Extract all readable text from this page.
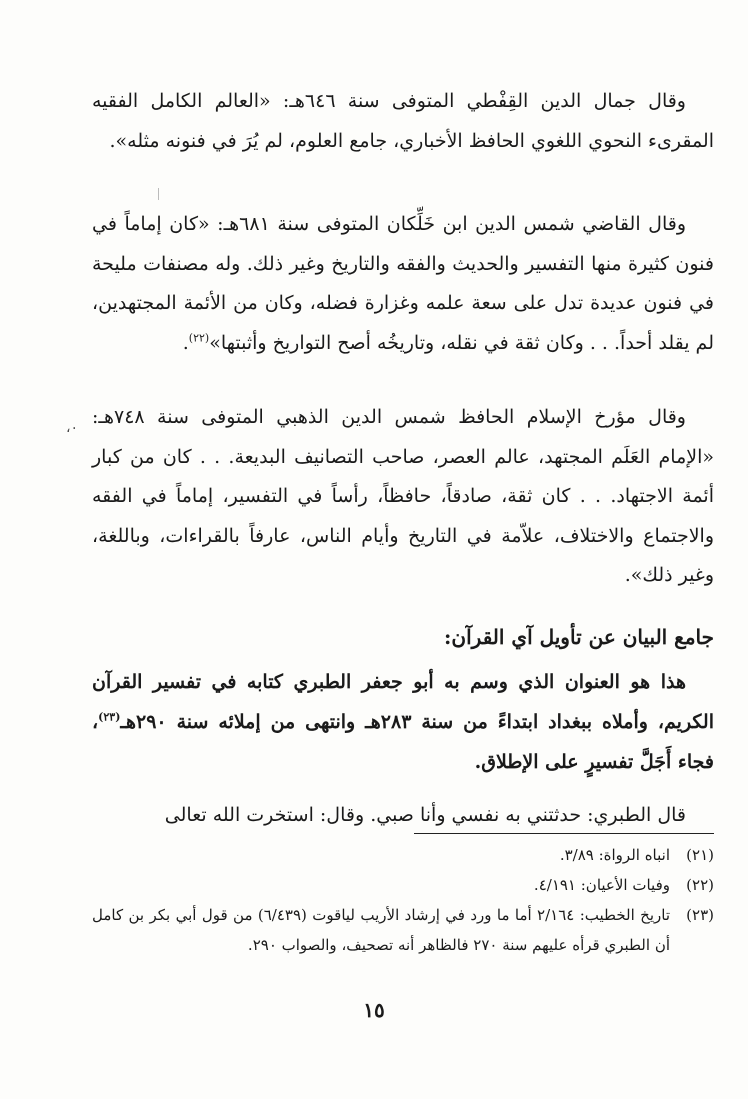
وقال جمال الدين القِفْطي المتوفى سنة ٦٤٦هـ: «العالم الكامل الفقيه المقرىء النحوي اللغوي الحافظ الأخباري، جامع العلوم، لم يُرَ في فنونه مثله».

وقال القاضي شمس الدين ابن خَلِّكان المتوفى سنة ٦٨١هـ: «كان إماماً في فنون كثيرة منها التفسير والحديث والفقه والتاريخ وغير ذلك. وله مصنفات مليحة في فنون عديدة تدل على سعة علمه وغزارة فضله، وكان من الأئمة المجتهدين، لم يقلد أحداً. . . وكان ثقة في نقله، وتاريخُه أصح التواريخ وأثبتها»$^{(٢٢)}$.

٠، وقال مؤرخ الإسلام الحافظ شمس الدين الذهبي المتوفى سنة ٧٤٨هـ: «الإمام العَلَم المجتهد، عالم العصر، صاحب التصانيف البديعة. . . كان من كبار أئمة الاجتهاد. . . كان ثقة، صادقاً، حافظاً، رأساً في التفسير، إماماً في الفقه والاجتماع والاختلاف، علاّمة في التاريخ وأيام الناس، عارفاً بالقراءات، وباللغة، وغير ذلك».

جامع البيان عن تأويل آي القرآن:

هذا هو العنوان الذي وسم به أبو جعفر الطبري كتابه في تفسير القرآن الكريم، وأملاه ببغداد ابتداءً من سنة ٢٨٣هـ وانتهى من إملائه سنة ٢٩٠هـ$^{(٢٣)}$، فجاء أَجَلَّ تفسيرٍ على الإطلاق.

قال الطبري: حدثتني به نفسي وأنا صبي. وقال: استخرت الله تعالى

(٢١)
انباه الرواة: ٣/٨٩.
(٢٢)
وفيات الأعيان: ٤/١٩١.
(٢٣)
تاريخ الخطيب: ٢/١٦٤ أما ما ورد في إرشاد الأريب لياقوت (٦/٤٣٩) من قول أبي بكر بن كامل أن الطبري قرأه عليهم سنة ٢٧٠ فالظاهر أنه تصحيف، والصواب ٢٩٠.
١٥
